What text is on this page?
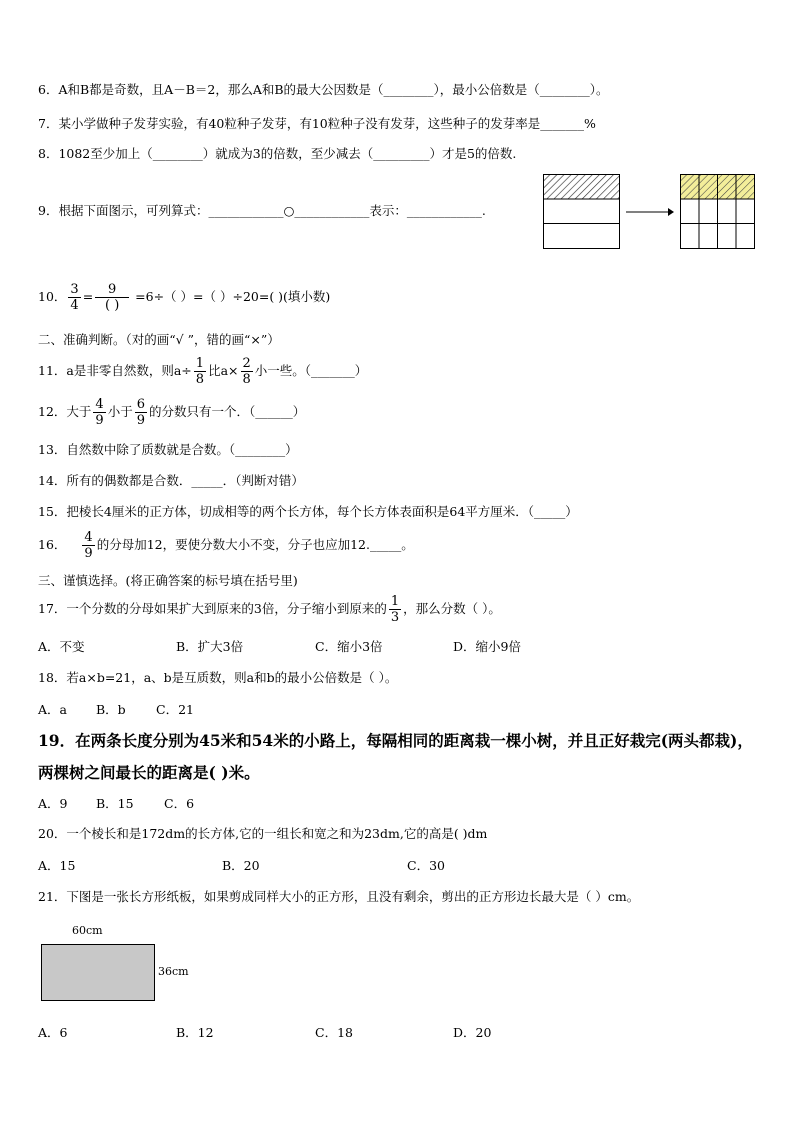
6．A和B都是奇数，且A－B＝2，那么A和B的最大公因数是（________），最小公倍数是（________）。
7．某小学做种子发芽实验，有40粒种子发芽，有10粒种子没有发芽，这些种子的发芽率是_______%
8．1082至少加上（________）就成为3的倍数，至少减去（_________）才是5的倍数.
9．根据下面图示，可列算式：____________○____________表示：____________.
10． $\frac{3}{4} = \frac{9}{( )} =6\div$（ ）=（ ）÷20=( )(填小数)
二、准确判断。（对的画“√ ”，错的画“×”）
11．a是非零自然数，则$a\div \frac{1}{8}$ 比$a\times \frac{2}{8}$ 小一些。（_______）
12．大于 $\frac{4}{9}$ 小于 $\frac{6}{9}$ 的分数只有一个．（______）
13．自然数中除了质数就是合数。（________）
14．所有的偶数都是合数．_____．（判断对错）
15．把棱长4厘米的正方体，切成相等的两个长方体，每个长方体表面积是64平方厘米．（_____）
16． $\frac{4}{9}$ 的分母加12，要使分数大小不变，分子也应加12._____。
三、谨慎选择。(将正确答案的标号填在括号里)
17．一个分数的分母如果扩大到原来的3倍，分子缩小到原来的 $\frac{1}{3}$ ，那么分数（ ）。
A．不变	B．扩大3倍	C．缩小3倍	D．缩小9倍
18．若a×b=21，a、b是互质数，则a和b的最小公倍数是（ ）。
A．a B．b C．21
19．在两条长度分别为45米和54米的小路上，每隔相同的距离栽一棵小树，并且正好栽完(两头都栽)，
两棵树之间最长的距离是( )米。
A．9 B．15 C．6
20．一个棱长和是172dm的长方体,它的一组长和宽之和为23dm,它的高是( )dm
A．15	B．20	C．30
21．下图是一张长方形纸板，如果剪成同样大小的正方形，且没有剩余，剪出的正方形边长最大是（ ）cm。
60cm
36cm
A．6	B．12	C．18	D．20
